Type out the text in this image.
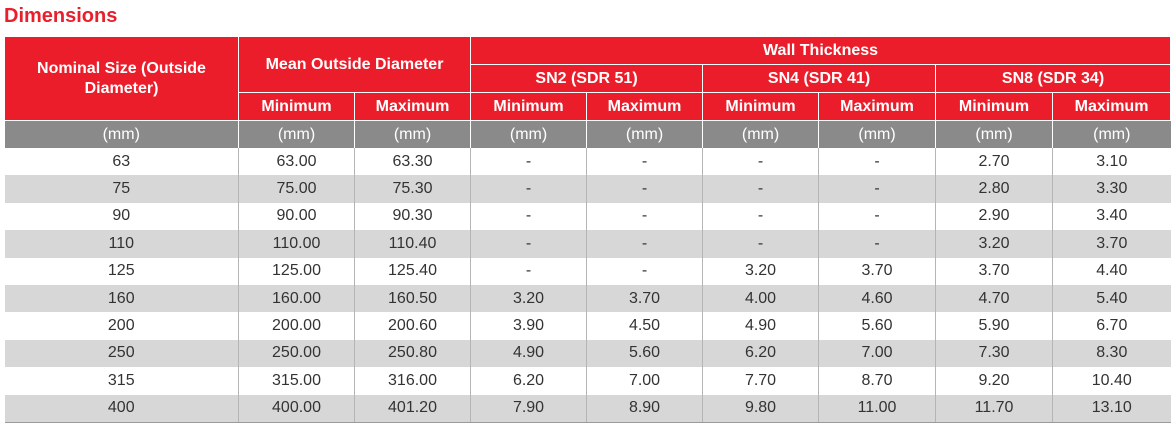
Dimensions
Nominal Size (Outside Diameter)	Mean Outside Diameter		Wall Thickness					
			SN2 (SDR 51)		SN4 (SDR 41)		SN8 (SDR 34)	
	Minimum	Maximum	Minimum	Maximum	Minimum	Maximum	Minimum	Maximum
(mm)	(mm)	(mm)	(mm)	(mm)	(mm)	(mm)	(mm)	(mm)
63	63.00	63.30	-	-	-	-	2.70	3.10
75	75.00	75.30	-	-	-	-	2.80	3.30
90	90.00	90.30	-	-	-	-	2.90	3.40
110	110.00	110.40	-	-	-	-	3.20	3.70
125	125.00	125.40	-	-	3.20	3.70	3.70	4.40
160	160.00	160.50	3.20	3.70	4.00	4.60	4.70	5.40
200	200.00	200.60	3.90	4.50	4.90	5.60	5.90	6.70
250	250.00	250.80	4.90	5.60	6.20	7.00	7.30	8.30
315	315.00	316.00	6.20	7.00	7.70	8.70	9.20	10.40
400	400.00	401.20	7.90	8.90	9.80	11.00	11.70	13.10
